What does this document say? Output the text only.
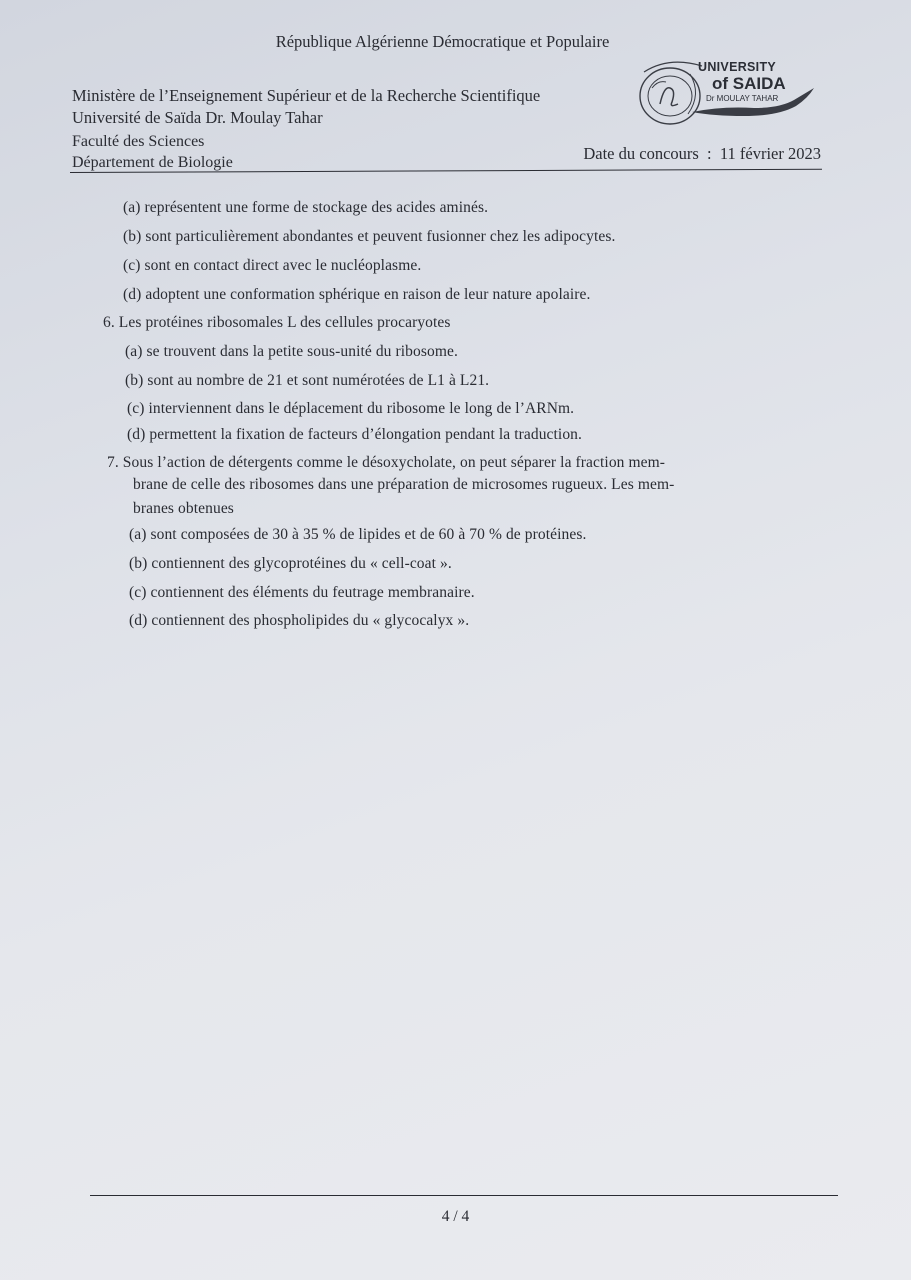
République Algérienne Démocratique et Populaire
Ministère de l’Enseignement Supérieur et de la Recherche Scientifique
Université de Saïda Dr. Moulay Tahar
Faculté des Sciences
Département de Biologie	Date du concours  :  11 février 2023
UNIVERSITY
of SAIDA
Dr MOULAY TAHAR
(a) représentent une forme de stockage des acides aminés.
(b) sont particulièrement abondantes et peuvent fusionner chez les adipocytes.
(c) sont en contact direct avec le nucléoplasme.
(d) adoptent une conformation sphérique en raison de leur nature apolaire.
6. Les protéines ribosomales L des cellules procaryotes
(a) se trouvent dans la petite sous-unité du ribosome.
(b) sont au nombre de 21 et sont numérotées de L1 à L21.
(c) interviennent dans le déplacement du ribosome le long de l’ARNm.
(d) permettent la fixation de facteurs d’élongation pendant la traduction.
7. Sous l’action de détergents comme le désoxycholate, on peut séparer la fraction mem-
brane de celle des ribosomes dans une préparation de microsomes rugueux. Les mem-
branes obtenues
(a) sont composées de 30 à 35 % de lipides et de 60 à 70 % de protéines.
(b) contiennent des glycoprotéines du « cell-coat ».
(c) contiennent des éléments du feutrage membranaire.
(d) contiennent des phospholipides du « glycocalyx ».
4 / 4
